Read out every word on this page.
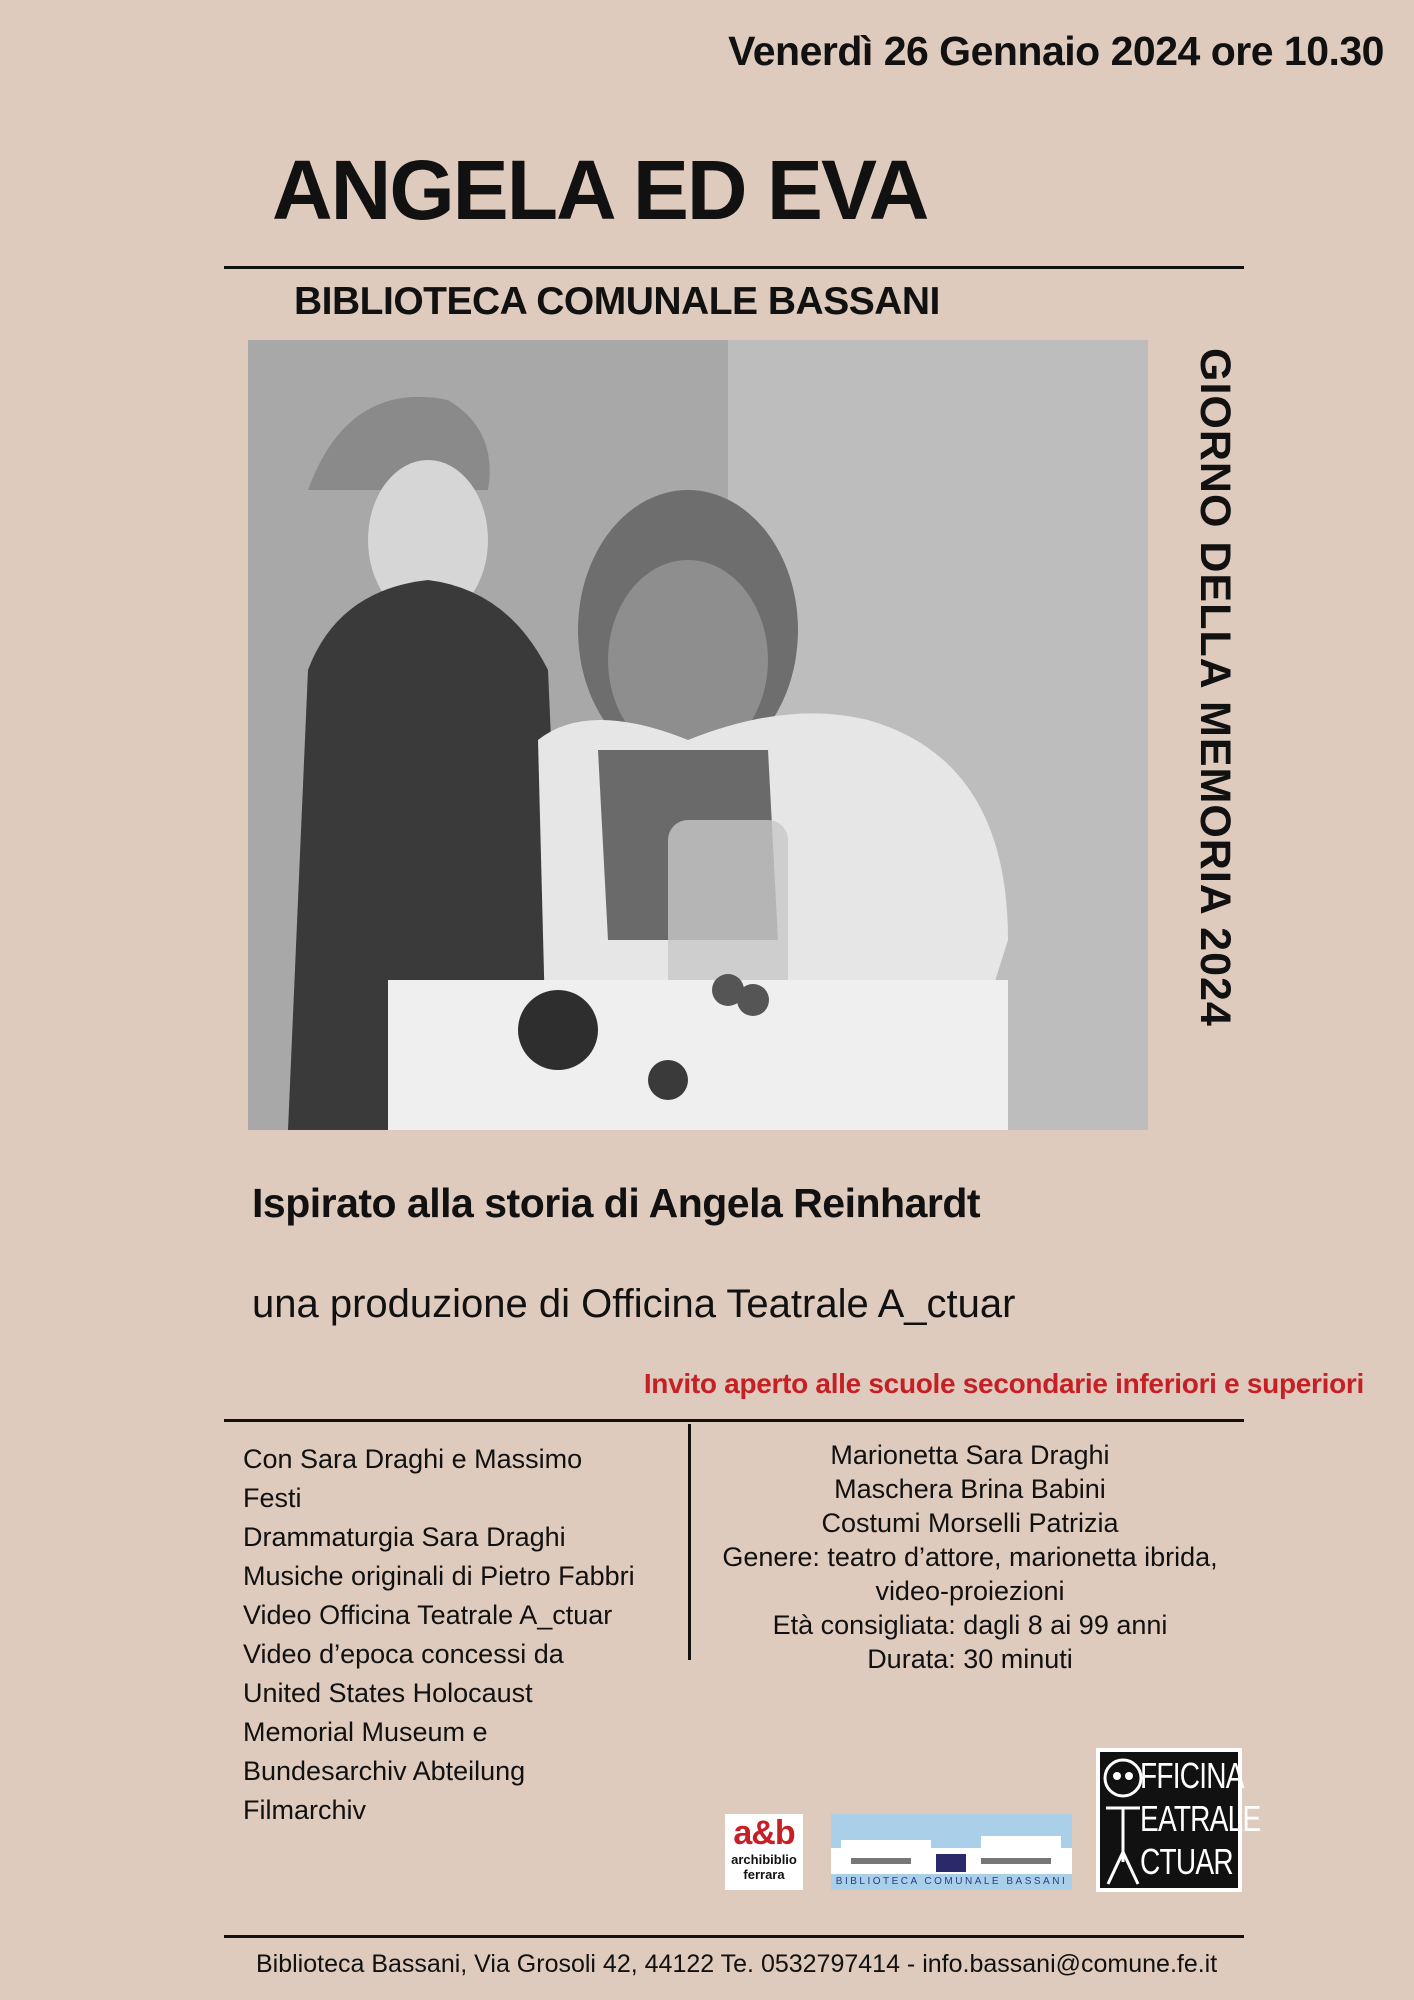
Venerdì 26 Gennaio 2024 ore 10.30
ANGELA ED EVA
BIBLIOTECA COMUNALE BASSANI
GIORNO DELLA MEMORIA 2024
Ispirato alla storia di Angela Reinhardt
una produzione di Officina Teatrale A_ctuar
Invito aperto alle scuole secondarie inferiori e superiori
Con Sara Draghi e Massimo
Festi
Drammaturgia Sara Draghi
Musiche originali di Pietro Fabbri
Video Officina Teatrale A_ctuar
Video d’epoca concessi da
United States Holocaust
Memorial Museum e
Bundesarchiv Abteilung
Filmarchiv
Marionetta Sara Draghi
Maschera Brina Babini
Costumi Morselli Patrizia
Genere: teatro d’attore, marionetta ibrida,
video-proiezioni
Età consigliata: dagli 8 ai 99 anni
Durata: 30 minuti
a&b
archibiblio
ferrara	BIBLIOTECA COMUNALE BASSANI
FFICINA
EATRALE
CTUAR
Biblioteca Bassani, Via Grosoli 42, 44122 Te. 0532797414 - info.bassani@comune.fe.it
